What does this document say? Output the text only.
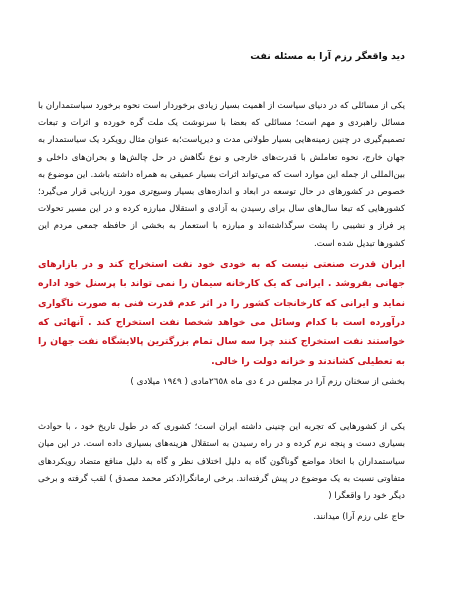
دید واقعگر رزم آرا به مسئله نفت

یکی از مسائلی که در دنیای سیاست از اهمیت بسیار زیادی برخوردار است نحوه برخورد سیاستمداران با مسائل راهبردی و مهم است؛ مسائلی که بعضا با سرنوشت یک ملت گره خورده و اثرات و تبعات تصمیم‌گیری در چنین زمینه‌هایی بسیار طولانی مدت و دیرپاست؛به عنوان مثال رویکرد یک سیاستمدار به جهان خارج، نحوه تعاملش با قدرت‌های خارجی و نوع نگاهش در حل چالش‌ها و بحران‌های داخلی و بین‌المللی از جمله این موارد است که می‌تواند اثرات بسیار عمیقی به همراه داشته باشد. این موضوع به خصوص در کشورهای در حال توسعه در ابعاد و اندازه‌های بسیار وسیع‌تری مورد ارزیابی قرار می‌گیرد؛ کشورهایی که تبعا سال‌های سال برای رسیدن به آزادی و استقلال مبارزه کرده و در این مسیر تحولات پر فراز و نشیبی را پشت سرگذاشته‌اند و مبارزه با استعمار به بخشی از حافظه جمعی مردم این کشورها تبدیل شده است.

ایران قدرت صنعتی نیست که به خودی خود نفت استخراج کند و در بازارهای جهانی بفروشد . ایرانی که یک کارخانه سیمان را نمی تواند با پرسنل خود اداره نماید و ایرانی که کارخانجات کشور را در اثر عدم قدرت فنی به صورت ناگواری درآورده است با کدام وسائل می خواهد شخصا نفت استخراج کند . آنهائی که خواستند نفت استخراج کنند چرا سه سال تمام بزرگترین پالایشگاه نفت جهان را به تعطیلی کشاندند و خزانه دولت را خالی.

بخشی از سخنان رزم آرا در مجلس در ٤ دی ماه ٢٦٥٨مادی ( ١٩٤٩ میلادی )

یکی از کشورهایی که تجربه این چنینی داشته ایران است؛ کشوری که در طول تاریخ خود ، با حوادث بسیاری دست و پنجه نرم کرده و در راه رسیدن به استقلال هزینه‌های بسیاری داده است. در این میان سیاستمداران با اتخاذ مواضع گوناگون گاه به دلیل اختلاف نظر و گاه به دلیل منافع متضاد رویکردهای متفاوتی نسبت به یک موضوع در پیش گرفته‌اند. برخی ارمانگرا(دکتر محمد مصدق ) لقب گرفته و برخی دیگر خود را واقعگرا (

حاج علی رزم آرا) میدانند.
